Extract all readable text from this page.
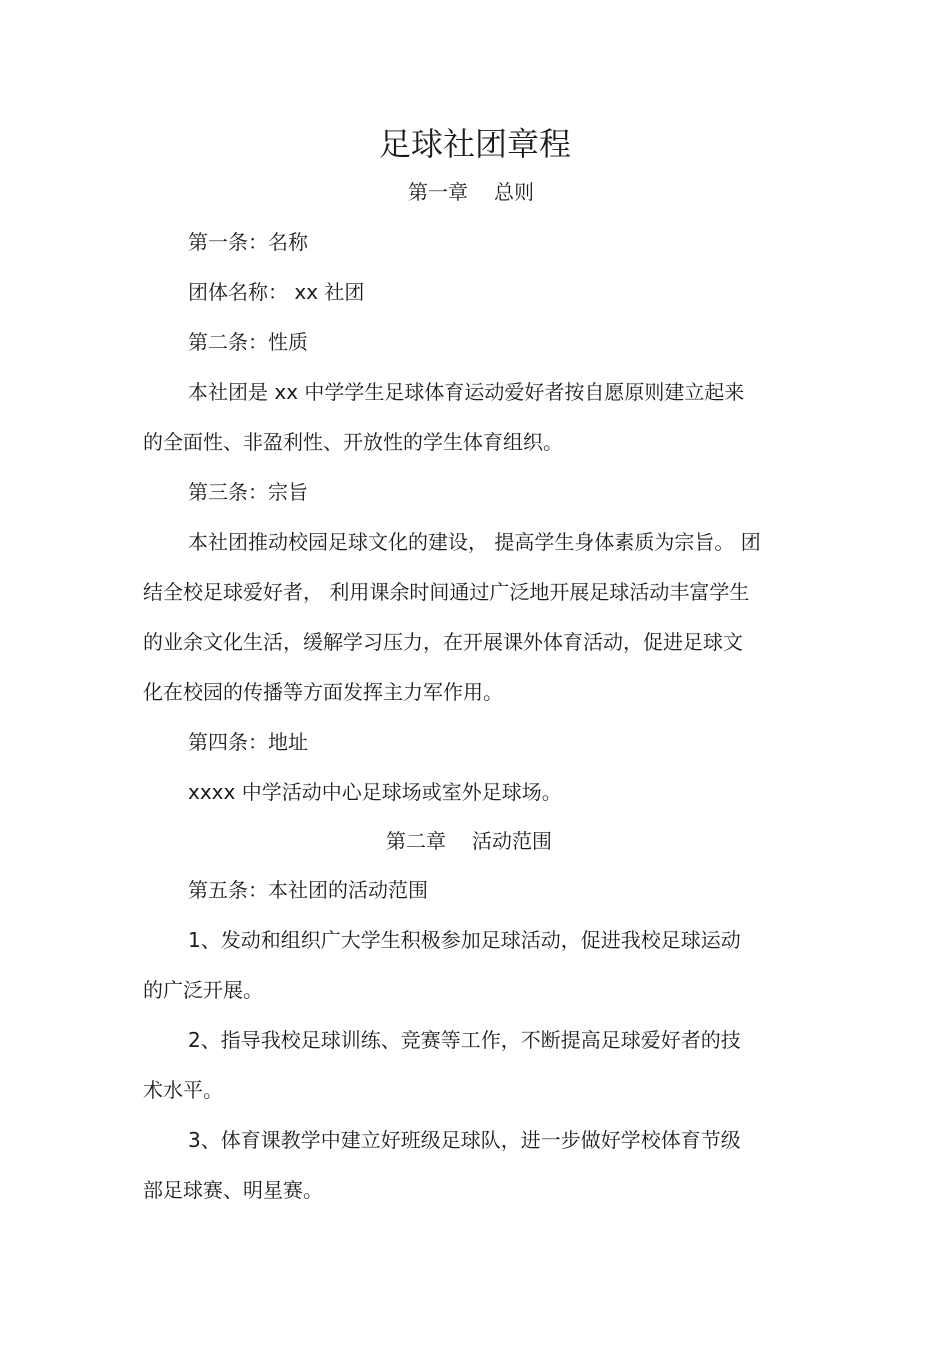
足球社团章程
第一章 总则
第一条：名称
团体名称： xx 社团
第二条：性质
本社团是 xx 中学学生足球体育运动爱好者按自愿原则建立起来
的全面性、非盈利性、开放性的学生体育组织。
第三条：宗旨
本社团推动校园足球文化的建设， 提高学生身体素质为宗旨。 团
结全校足球爱好者， 利用课余时间通过广泛地开展足球活动丰富学生
的业余文化生活，缓解学习压力，在开展课外体育活动，促进足球文
化在校园的传播等方面发挥主力军作用。
第四条：地址
xxxx 中学活动中心足球场或室外足球场。
第二章 活动范围
第五条：本社团的活动范围
1、发动和组织广大学生积极参加足球活动，促进我校足球运动
的广泛开展。
2、指导我校足球训练、竞赛等工作，不断提高足球爱好者的技
术水平。
3、体育课教学中建立好班级足球队，进一步做好学校体育节级
部足球赛、明星赛。
